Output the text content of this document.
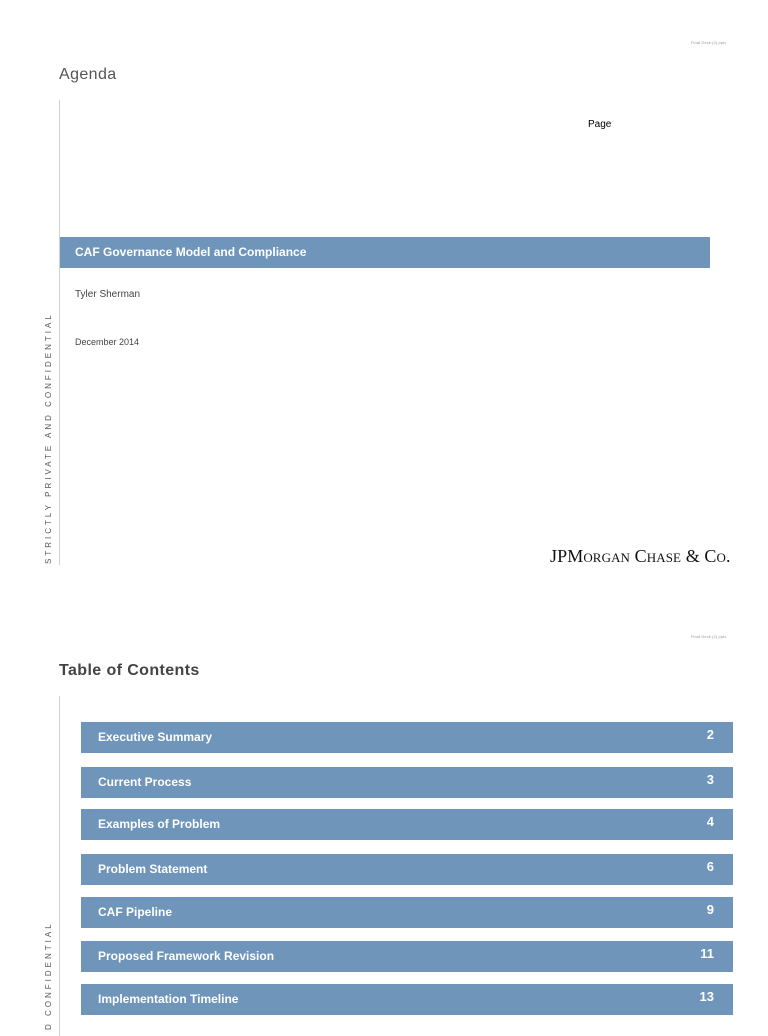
Final Deck (2).pptx
Agenda
STRICTLY PRIVATE AND CONFIDENTIAL
Page
CAF Governance Model and Compliance
Tyler Sherman
December 2014
JPMorgan Chase & Co.
Final Deck (2).pptx
Table of Contents
D CONFIDENTIAL
Executive Summary	2
Current Process	3
Examples of Problem	4
Problem Statement	6
CAF Pipeline	9
Proposed Framework Revision	11
Implementation Timeline	13
